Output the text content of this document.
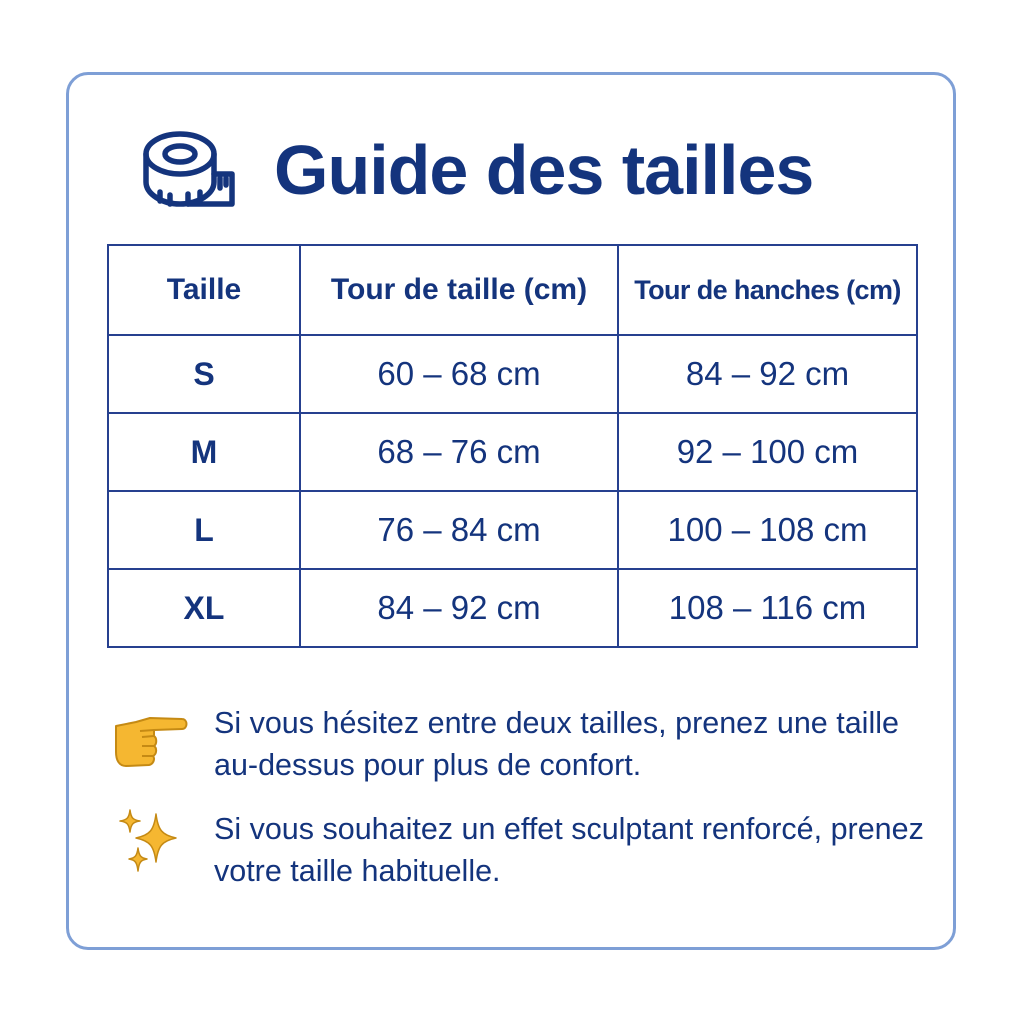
Guide des tailles
Taille	Tour de taille (cm)	Tour de hanches (cm)
S	60 – 68 cm	84 – 92 cm
M	68 – 76 cm	92 – 100 cm
L	76 – 84 cm	100 – 108 cm
XL	84 – 92 cm	108 – 116 cm
Si vous hésitez entre deux tailles, prenez une taille au-dessus pour plus de confort.
Si vous souhaitez un effet sculptant renforcé, prenez votre taille habituelle.
